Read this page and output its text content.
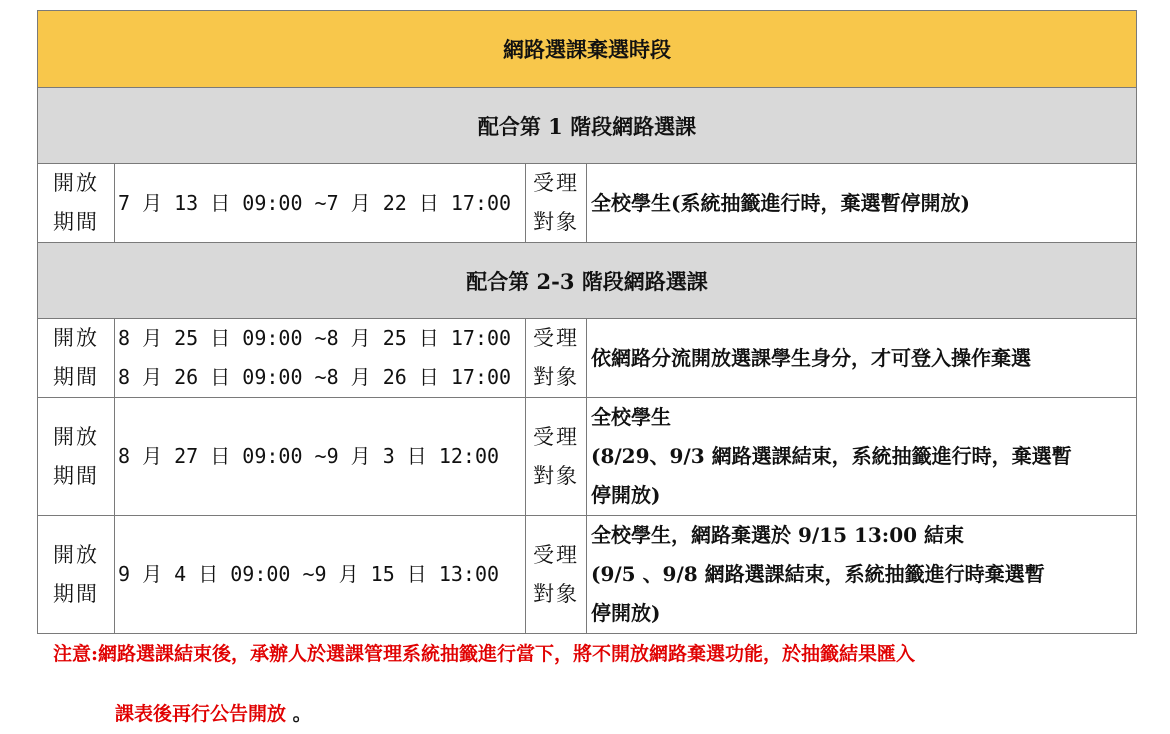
網路選課棄選時段			
配合第 1 階段網路選課			

開放
期間	7 月 13 日 09:00 ~7 月 22 日 17:00	受理
對象	全校學生(系統抽籤進行時，棄選暫停開放)

配合第 2-3 階段網路選課			

開放
期間	8 月 25 日 09:00 ~8 月 25 日 17:00
8 月 26 日 09:00 ~8 月 26 日 17:00	受理
對象	依網路分流開放選課學生身分，才可登入操作棄選

開放
期間	8 月 27 日 09:00 ~9 月 3 日 12:00	受理
對象	全校學生
(8/29、9/3 網路選課結束，系統抽籤進行時，棄選暫
停開放)

開放
期間	9 月 4 日 09:00 ~9 月 15 日 13:00	受理
對象	全校學生，網路棄選於 9/15 13:00 結束
(9/5 、9/8 網路選課結束，系統抽籤進行時棄選暫
停開放)
注意:網路選課結束後，承辦人於選課管理系統抽籤進行當下，將不開放網路棄選功能，於抽籤結果匯入
課表後再行公告開放 。
